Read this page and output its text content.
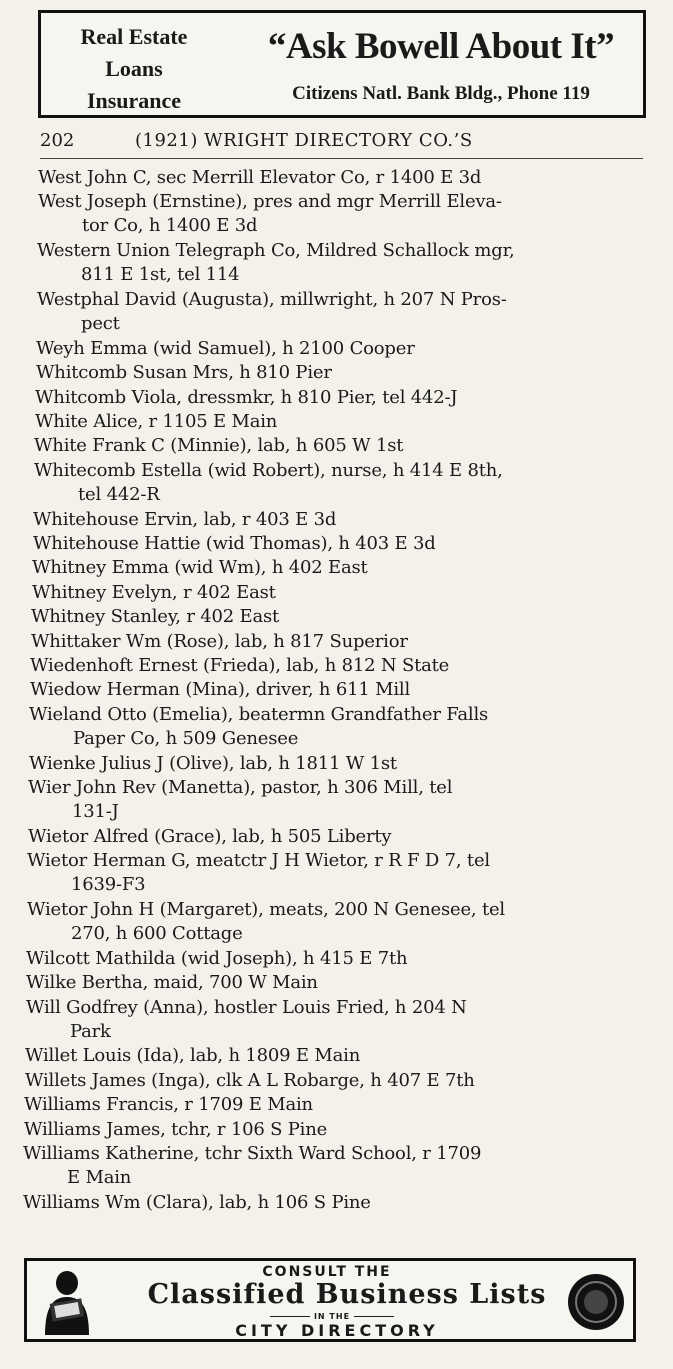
Real Estate
Loans
Insurance
“Ask Bowell About It”
Citizens Natl. Bank Bldg., Phone 119
202	(1921) WRIGHT DIRECTORY CO.’S
West John C, sec Merrill Elevator Co, r 1400 E 3d
West Joseph (Ernstine), pres and mgr Merrill Eleva-
tor Co, h 1400 E 3d
Western Union Telegraph Co, Mildred Schallock mgr,
811 E 1st, tel 114
Westphal David (Augusta), millwright, h 207 N Pros-
pect
Weyh Emma (wid Samuel), h 2100 Cooper
Whitcomb Susan Mrs, h 810 Pier
Whitcomb Viola, dressmkr, h 810 Pier, tel 442-J
White Alice, r 1105 E Main
White Frank C (Minnie), lab, h 605 W 1st
Whitecomb Estella (wid Robert), nurse, h 414 E 8th,
tel 442-R
Whitehouse Ervin, lab, r 403 E 3d
Whitehouse Hattie (wid Thomas), h 403 E 3d
Whitney Emma (wid Wm), h 402 East
Whitney Evelyn, r 402 East
Whitney Stanley, r 402 East
Whittaker Wm (Rose), lab, h 817 Superior
Wiedenhoft Ernest (Frieda), lab, h 812 N State
Wiedow Herman (Mina), driver, h 611 Mill
Wieland Otto (Emelia), beatermn Grandfather Falls
Paper Co, h 509 Genesee
Wienke Julius J (Olive), lab, h 1811 W 1st
Wier John Rev (Manetta), pastor, h 306 Mill, tel
131-J
Wietor Alfred (Grace), lab, h 505 Liberty
Wietor Herman G, meatctr J H Wietor, r R F D 7, tel
1639-F3
Wietor John H (Margaret), meats, 200 N Genesee, tel
270, h 600 Cottage
Wilcott Mathilda (wid Joseph), h 415 E 7th
Wilke Bertha, maid, 700 W Main
Will Godfrey (Anna), hostler Louis Fried, h 204 N
Park
Willet Louis (Ida), lab, h 1809 E Main
Willets James (Inga), clk A L Robarge, h 407 E 7th
Williams Francis, r 1709 E Main
Williams James, tchr, r 106 S Pine
Williams Katherine, tchr Sixth Ward School, r 1709
E Main
Williams Wm (Clara), lab, h 106 S Pine
CONSULT THE
Classified Business Lists
IN THE
CITY DIRECTORY
